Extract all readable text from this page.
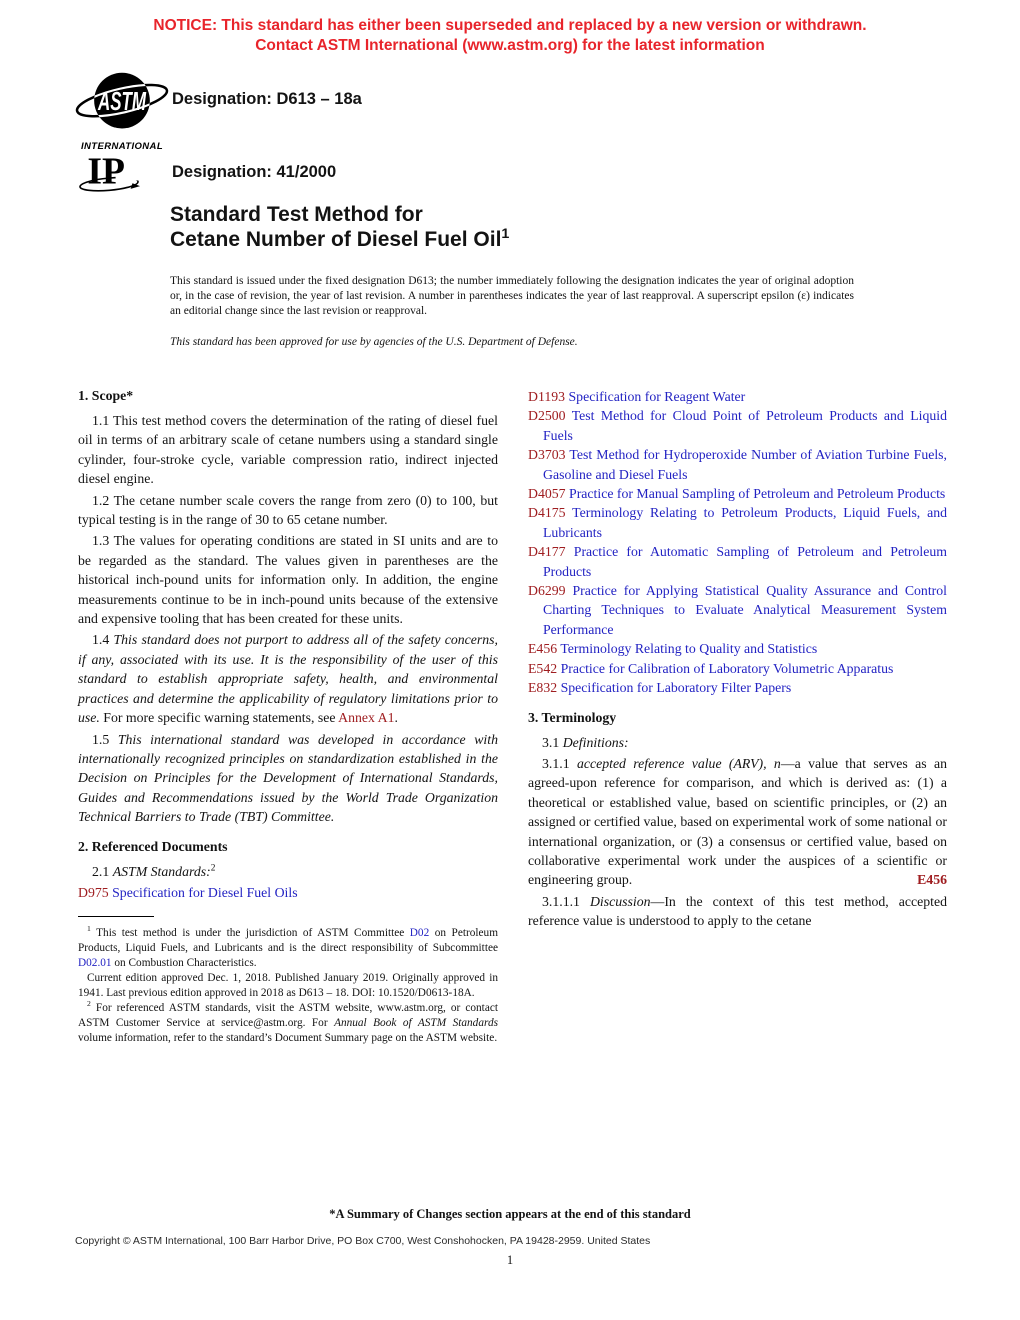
NOTICE: This standard has either been superseded and replaced by a new version or withdrawn.
Contact ASTM International (www.astm.org) for the latest information
ASTM
INTERNATIONAL
Designation: D613 – 18a
IP	Designation: 41/2000
Standard Test Method for
Cetane Number of Diesel Fuel Oil$^1$
This standard is issued under the fixed designation D613; the number immediately following the designation indicates the year of original adoption or, in the case of revision, the year of last revision. A number in parentheses indicates the year of last reapproval. A superscript epsilon (ε) indicates an editorial change since the last revision or reapproval.
This standard has been approved for use by agencies of the U.S. Department of Defense.

1. Scope*

1.1 This test method covers the determination of the rating of diesel fuel oil in terms of an arbitrary scale of cetane numbers using a standard single cylinder, four-stroke cycle, variable compression ratio, indirect injected diesel engine.

1.2 The cetane number scale covers the range from zero (0) to 100, but typical testing is in the range of 30 to 65 cetane number.

1.3 The values for operating conditions are stated in SI units and are to be regarded as the standard. The values given in parentheses are the historical inch-pound units for information only. In addition, the engine measurements continue to be in inch-pound units because of the extensive and expensive tooling that has been created for these units.

1.4 This standard does not purport to address all of the safety concerns, if any, associated with its use. It is the responsibility of the user of this standard to establish appropriate safety, health, and environmental practices and determine the applicability of regulatory limitations prior to use. For more specific warning statements, see Annex A1.

1.5 This international standard was developed in accordance with internationally recognized principles on standardization established in the Decision on Principles for the Development of International Standards, Guides and Recommendations issued by the World Trade Organization Technical Barriers to Trade (TBT) Committee.

2. Referenced Documents

2.1 ASTM Standards:$^2$

D975 Specification for Diesel Fuel Oils

$^1$ This test method is under the jurisdiction of ASTM Committee D02 on Petroleum Products, Liquid Fuels, and Lubricants and is the direct responsibility of Subcommittee D02.01 on Combustion Characteristics.

Current edition approved Dec. 1, 2018. Published January 2019. Originally approved in 1941. Last previous edition approved in 2018 as D613 – 18. DOI: 10.1520/D0613-18A.

$^2$ For referenced ASTM standards, visit the ASTM website, www.astm.org, or contact ASTM Customer Service at service@astm.org. For Annual Book of ASTM Standards volume information, refer to the standard’s Document Summary page on the ASTM website.

D1193 Specification for Reagent Water

D2500 Test Method for Cloud Point of Petroleum Products and Liquid Fuels

D3703 Test Method for Hydroperoxide Number of Aviation Turbine Fuels, Gasoline and Diesel Fuels

D4057 Practice for Manual Sampling of Petroleum and Petroleum Products

D4175 Terminology Relating to Petroleum Products, Liquid Fuels, and Lubricants

D4177 Practice for Automatic Sampling of Petroleum and Petroleum Products

D6299 Practice for Applying Statistical Quality Assurance and Control Charting Techniques to Evaluate Analytical Measurement System Performance

E456 Terminology Relating to Quality and Statistics

E542 Practice for Calibration of Laboratory Volumetric Apparatus

E832 Specification for Laboratory Filter Papers

3. Terminology

3.1 Definitions:

3.1.1 accepted reference value (ARV), n—a value that serves as an agreed-upon reference for comparison, and which is derived as: (1) a theoretical or established value, based on scientific principles, or (2) an assigned or certified value, based on experimental work of some national or international organization, or (3) a consensus or certified value, based on collaborative experimental work under the auspices of a scientific or engineering group.	E456

3.1.1.1 Discussion—In the context of this test method, accepted reference value is understood to apply to the cetane

*A Summary of Changes section appears at the end of this standard
Copyright © ASTM International, 100 Barr Harbor Drive, PO Box C700, West Conshohocken, PA 19428-2959. United States
1
